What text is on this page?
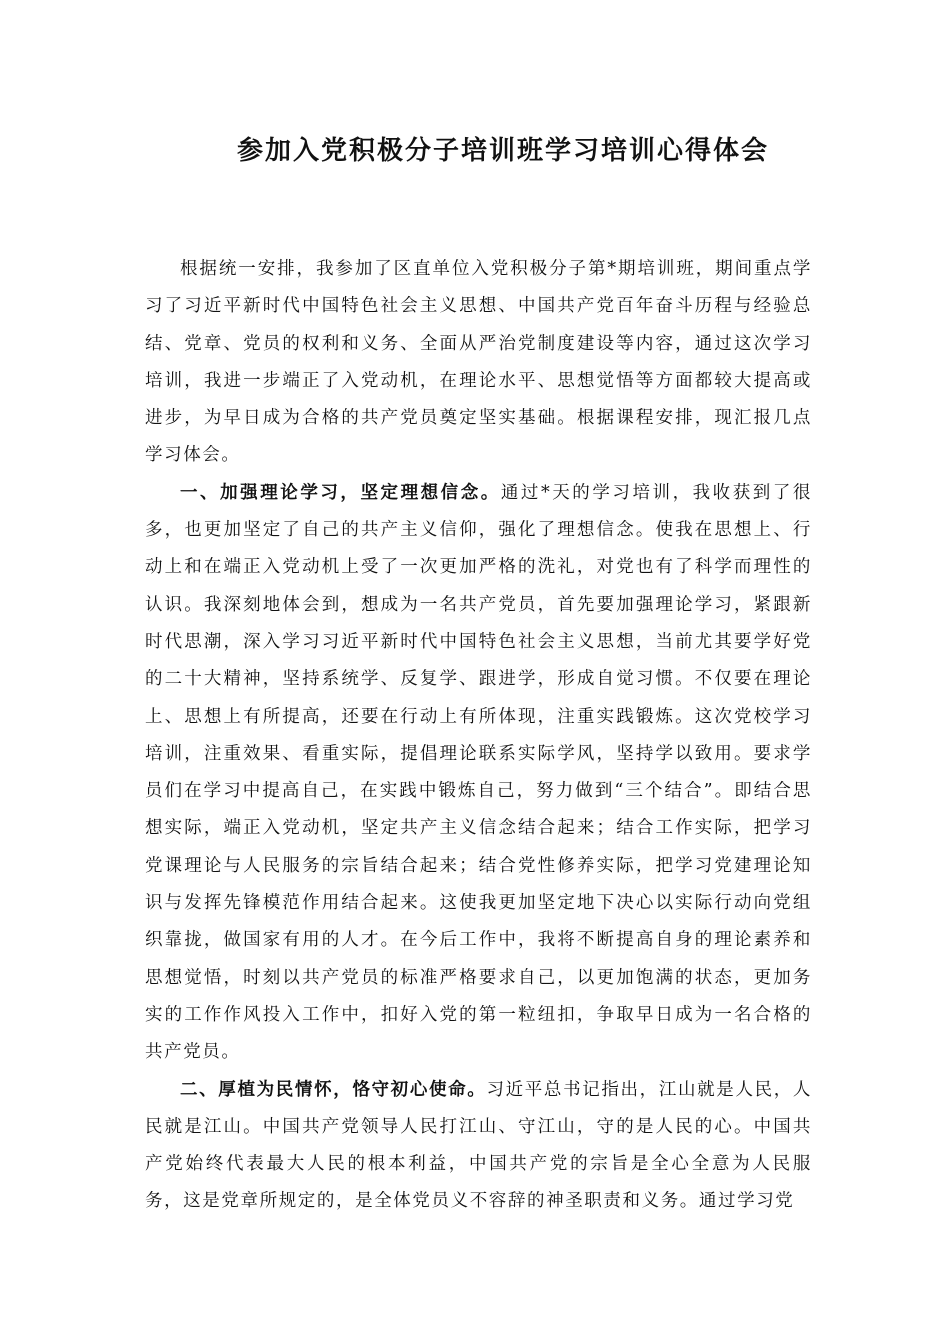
参加入党积极分子培训班学习培训心得体会

根据统一安排，我参加了区直单位入党积极分子第*期培训班，期间重点学习了习近平新时代中国特色社会主义思想、中国共产党百年奋斗历程与经验总结、党章、党员的权利和义务、全面从严治党制度建设等内容，通过这次学习培训，我进一步端正了入党动机，在理论水平、思想觉悟等方面都较大提高或进步，为早日成为合格的共产党员奠定坚实基础。根据课程安排，现汇报几点学习体会。

一、加强理论学习，坚定理想信念。通过*天的学习培训，我收获到了很多，也更加坚定了自己的共产主义信仰，强化了理想信念。使我在思想上、行动上和在端正入党动机上受了一次更加严格的洗礼，对党也有了科学而理性的认识。我深刻地体会到，想成为一名共产党员，首先要加强理论学习，紧跟新时代思潮，深入学习习近平新时代中国特色社会主义思想，当前尤其要学好党的二十大精神，坚持系统学、反复学、跟进学，形成自觉习惯。不仅要在理论上、思想上有所提高，还要在行动上有所体现，注重实践锻炼。这次党校学习培训，注重效果、看重实际，提倡理论联系实际学风，坚持学以致用。要求学员们在学习中提高自己，在实践中锻炼自己，努力做到“三个结合”。即结合思想实际，端正入党动机，坚定共产主义信念结合起来；结合工作实际，把学习党课理论与人民服务的宗旨结合起来；结合党性修养实际，把学习党建理论知识与发挥先锋模范作用结合起来。这使我更加坚定地下决心以实际行动向党组织靠拢，做国家有用的人才。在今后工作中，我将不断提高自身的理论素养和思想觉悟，时刻以共产党员的标准严格要求自己，以更加饱满的状态，更加务实的工作作风投入工作中，扣好入党的第一粒纽扣，争取早日成为一名合格的共产党员。

二、厚植为民情怀，恪守初心使命。习近平总书记指出，江山就是人民，人民就是江山。中国共产党领导人民打江山、守江山，守的是人民的心。中国共产党始终代表最大人民的根本利益，中国共产党的宗旨是全心全意为人民服务，这是党章所规定的，是全体党员义不容辞的神圣职责和义务。通过学习党
